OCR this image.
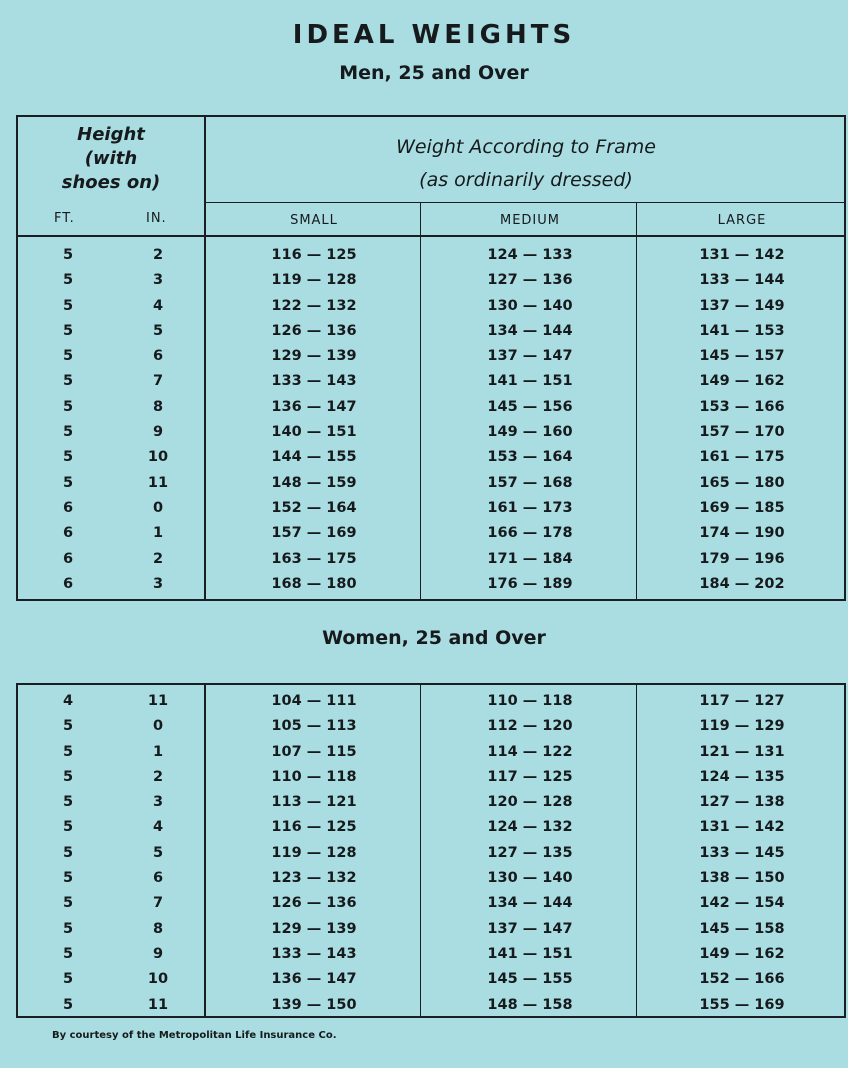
IDEAL WEIGHTS
Men, 25 and Over
Height
(with
shoes on)
FT.	IN.
Weight According to Frame
(as ordinarily dressed)
SMALL	MEDIUM	LARGE
5	2	116 — 125	124 — 133	131 — 142
5	3	119 — 128	127 — 136	133 — 144
5	4	122 — 132	130 — 140	137 — 149
5	5	126 — 136	134 — 144	141 — 153
5	6	129 — 139	137 — 147	145 — 157
5	7	133 — 143	141 — 151	149 — 162
5	8	136 — 147	145 — 156	153 — 166
5	9	140 — 151	149 — 160	157 — 170
5	10	144 — 155	153 — 164	161 — 175
5	11	148 — 159	157 — 168	165 — 180
6	0	152 — 164	161 — 173	169 — 185
6	1	157 — 169	166 — 178	174 — 190
6	2	163 — 175	171 — 184	179 — 196
6	3	168 — 180	176 — 189	184 — 202
Women, 25 and Over
4	11	104 — 111	110 — 118	117 — 127
5	0	105 — 113	112 — 120	119 — 129
5	1	107 — 115	114 — 122	121 — 131
5	2	110 — 118	117 — 125	124 — 135
5	3	113 — 121	120 — 128	127 — 138
5	4	116 — 125	124 — 132	131 — 142
5	5	119 — 128	127 — 135	133 — 145
5	6	123 — 132	130 — 140	138 — 150
5	7	126 — 136	134 — 144	142 — 154
5	8	129 — 139	137 — 147	145 — 158
5	9	133 — 143	141 — 151	149 — 162
5	10	136 — 147	145 — 155	152 — 166
5	11	139 — 150	148 — 158	155 — 169
By courtesy of the Metropolitan Life Insurance Co.
